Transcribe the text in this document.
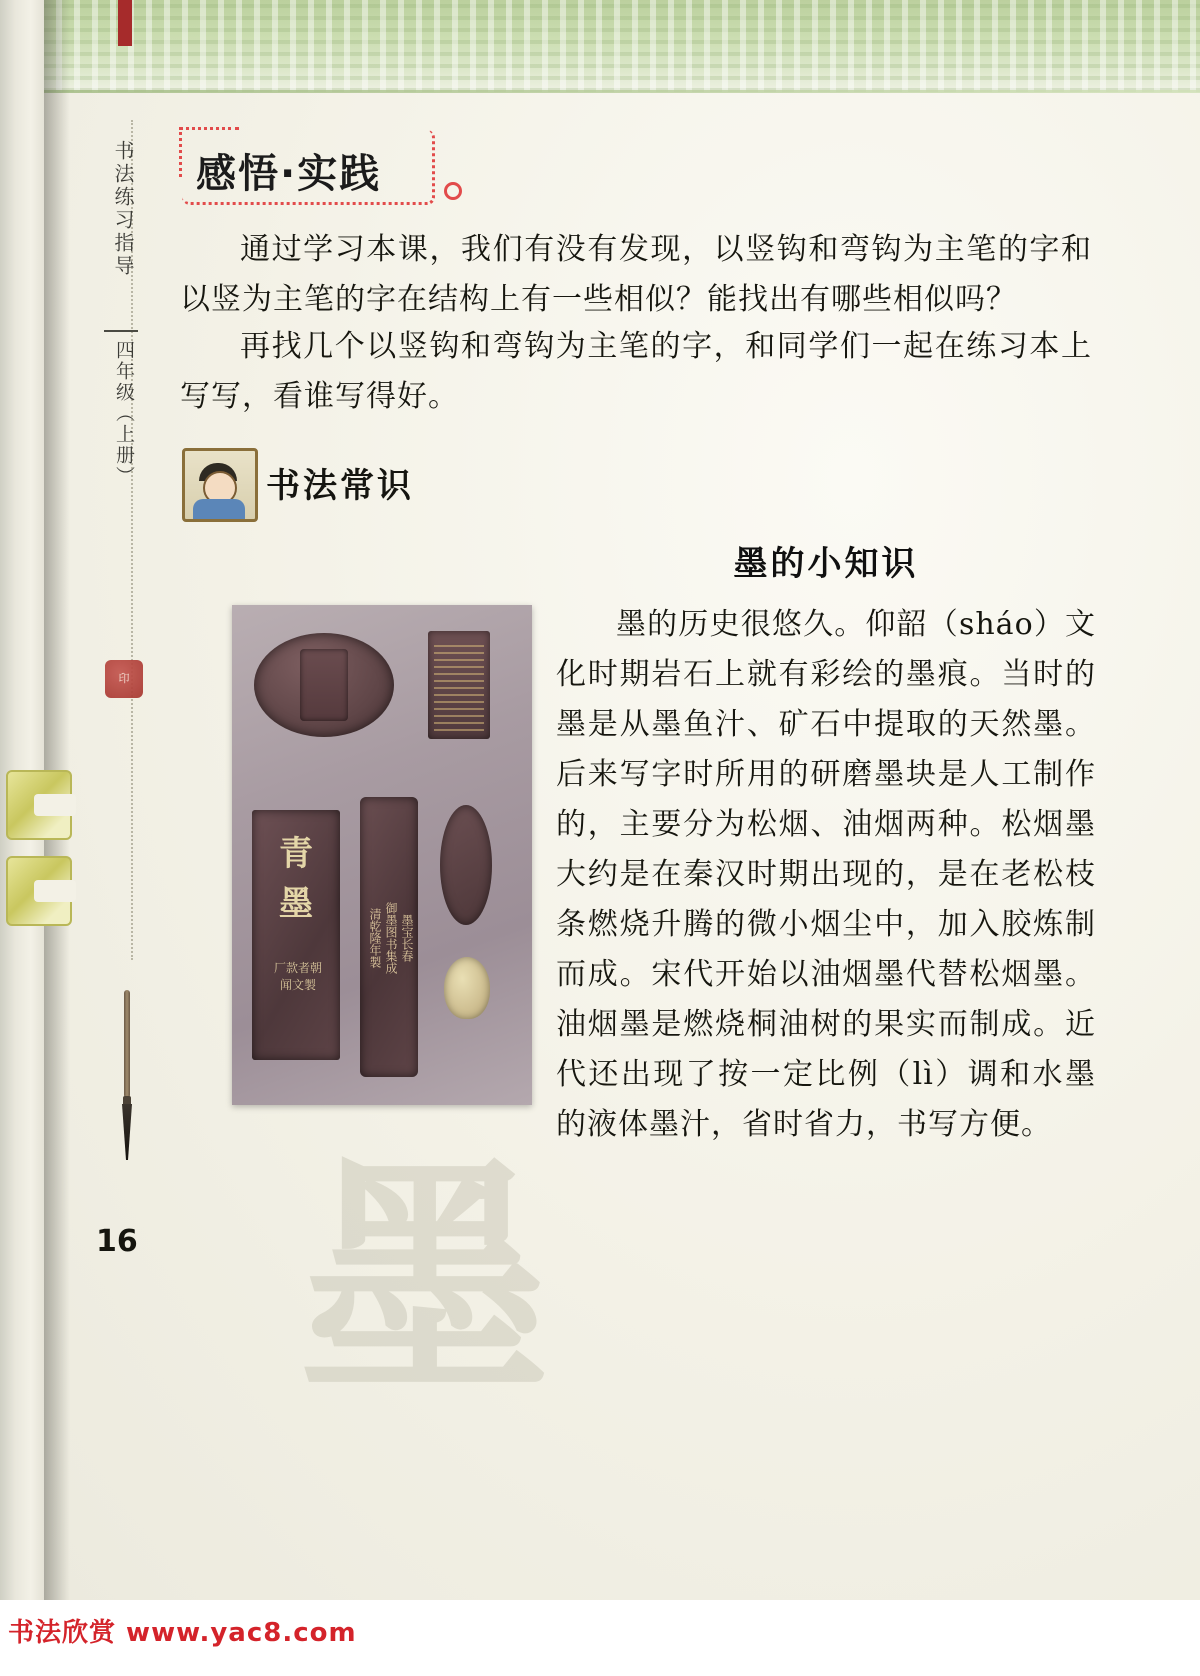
墨
书法练习指导
四年级（上册）
印
感悟·实践
通过学习本课，我们有没有发现，以竖钩和弯钩为主笔的字和以竖为主笔的字在结构上有一些相似？能找出有哪些相似吗？
再找几个以竖钩和弯钩为主笔的字，和同学们一起在练习本上写写，看谁写得好。
书法常识
墨的小知识
墨的历史很悠久。仰韶（sháo）文化时期岩石上就有彩绘的墨痕。当时的墨是从墨鱼汁、矿石中提取的天然墨。后来写字时所用的研磨墨块是人工制作的，主要分为松烟、油烟两种。松烟墨大约是在秦汉时期出现的，是在老松枝条燃烧升腾的微小烟尘中，加入胶炼制而成。宋代开始以油烟墨代替松烟墨。油烟墨是燃烧桐油树的果实而制成。近代还出现了按一定比例（lì）调和水墨的液体墨汁，省时省力，书写方便。
青
墨
厂款者朝 闻文製
清乾隆年製 御墨图书集成 墨宝长春
16
书法欣赏 www.yac8.com
